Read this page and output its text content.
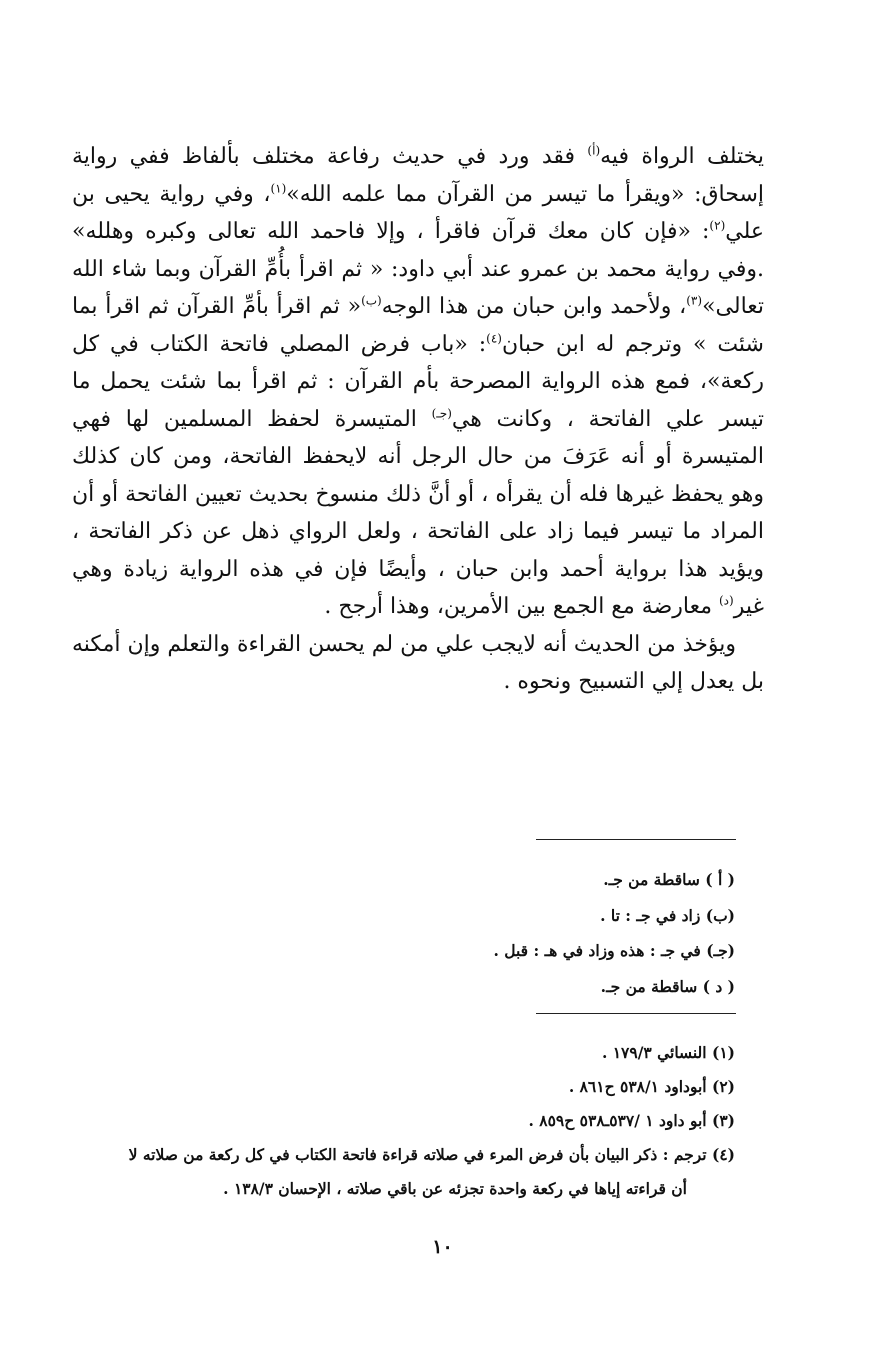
يختلف الرواة فيه$^{(أ)}$ فقد ورد في حديث رفاعة مختلف بألفاظ ففي رواية إسحاق: «ويقرأ ما تيسر من القرآن مما علمه الله»$^{(١)}$، وفي رواية يحيى بن علي$^{(٢)}$: «فإن كان معك قرآن فاقرأ ، وإلا فاحمد الله تعالى وكبره وهلله» .وفي رواية محمد بن عمرو عند أبي داود: « ثم اقرأ بأُمِّ القرآن وبما شاء الله تعالى»$^{(٣)}$، ولأحمد وابن حبان من هذا الوجه$^{(ب)}$« ثم اقرأ بأمِّ القرآن ثم اقرأ بما شئت » وترجم له ابن حبان$^{(٤)}$: «باب فرض المصلي فاتحة الكتاب في كل ركعة»، فمع هذه الرواية المصرحة بأم القرآن : ثم اقرأ بما شئت يحمل ما تيسر علي الفاتحة ، وكانت هي$^{(جـ)}$ المتيسرة لحفظ المسلمين لها فهي المتيسرة أو أنه عَرَفَ من حال الرجل أنه لايحفظ الفاتحة، ومن كان كذلك وهو يحفظ غيرها فله أن يقرأه ، أو أنَّ ذلك منسوخ بحديث تعيين الفاتحة أو أن المراد ما تيسر فيما زاد على الفاتحة ، ولعل الرواي ذهل عن ذكر الفاتحة ، ويؤيد هذا برواية أحمد وابن حبان ، وأيضًا فإن في هذه الرواية زيادة وهي غير$^{(د)}$ معارضة مع الجمع بين الأمرين، وهذا أرجح .

ويؤخذ من الحديث أنه لايجب علي من لم يحسن القراءة والتعلم وإن أمكنه بل يعدل إلي التسبيح ونحوه .

( أ ) ساقطة من جـ.
(ب) زاد في جـ : تا .
(جـ) في جـ : هذه وزاد في هـ : قبل .
( د ) ساقطة من جـ.
(١) النسائي ١٧٩/٣ .
(٢) أبوداود ٥٣٨/١ ح٨٦١ .
(٣) أبو داود ١ /٥٣٧ـ٥٣٨ ح٨٥٩ .
(٤) ترجم : ذكر البيان بأن فرض المرء في صلاته قراءة فاتحة الكتاب في كل ركعة من صلاته لا
أن قراءته إياها في ركعة واحدة تجزئه عن باقي صلاته ، الإحسان ١٣٨/٣ .
١٠
